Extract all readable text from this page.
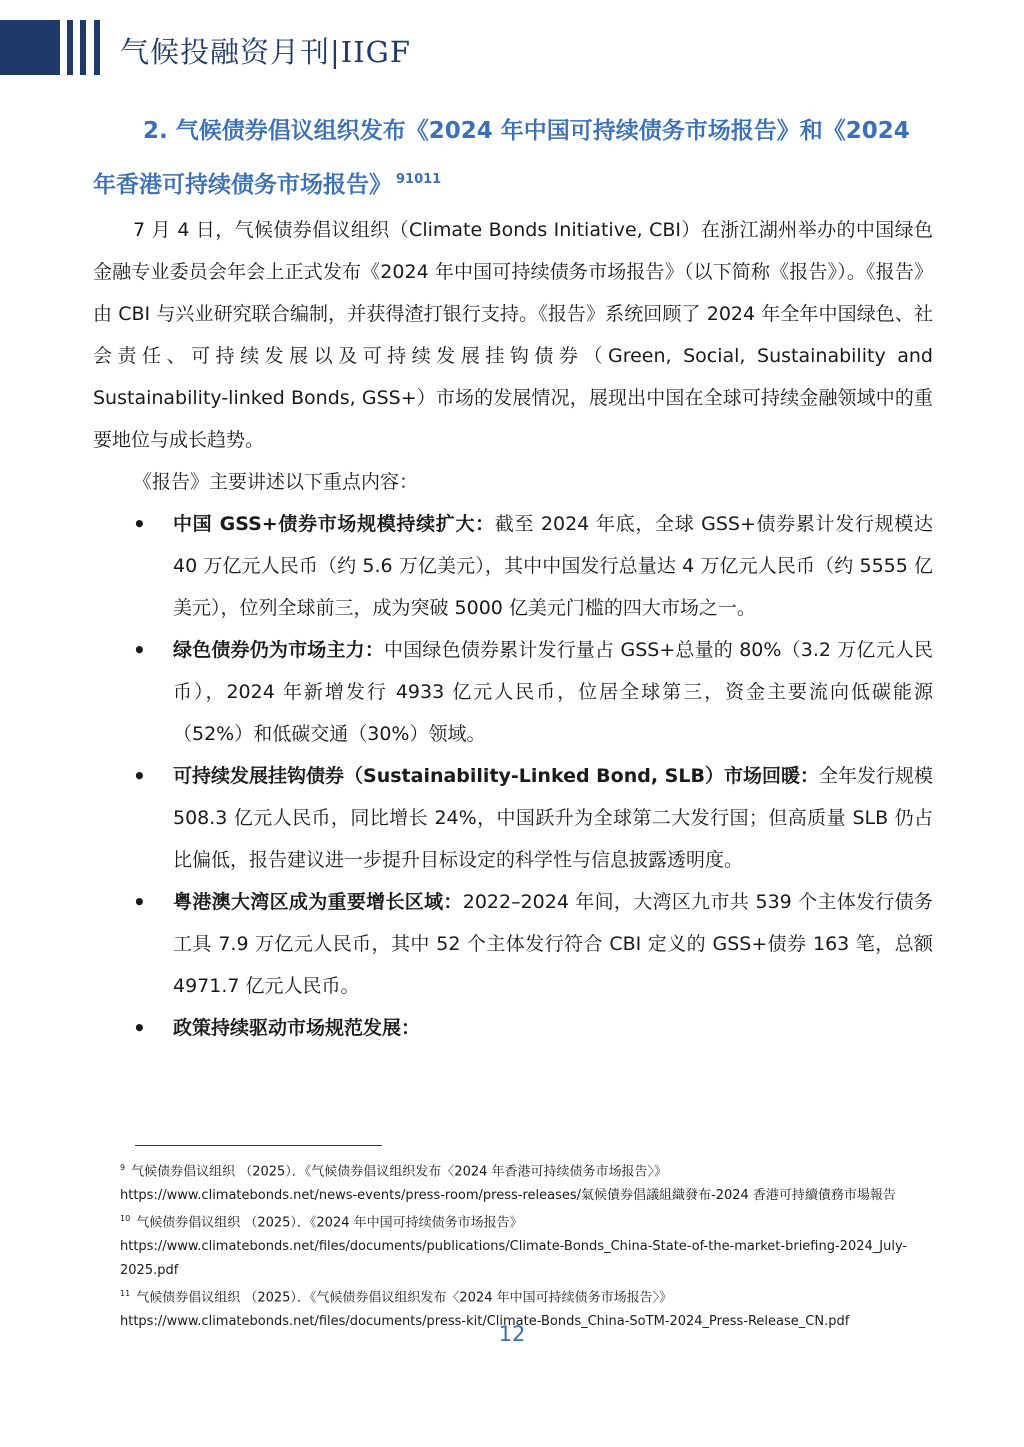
气候投融资月刊|IIGF
2. 气候债券倡议组织发布《2024 年中国可持续债务市场报告》和《2024
年香港可持续债务市场报告》 $^{91011}$

7 月 4 日，气候债券倡议组织（Climate Bonds Initiative, CBI）在浙江湖州举办的中国绿色金融专业委员会年会上正式发布《2024 年中国可持续债务市场报告》（以下简称《报告》）。《报告》由 CBI 与兴业研究联合编制，并获得渣打银行支持。《报告》系统回顾了 2024 年全年中国绿色、社会责任、可持续发展以及可持续发展挂钩债券（Green, Social, Sustainability and Sustainability-linked Bonds, GSS+）市场的发展情况，展现出中国在全球可持续金融领域中的重要地位与成长趋势。

《报告》主要讲述以下重点内容：

• 中国 GSS+债券市场规模持续扩大：截至 2024 年底，全球 GSS+债券累计发行规模达 40 万亿元人民币（约 5.6 万亿美元），其中中国发行总量达 4 万亿元人民币（约 5555 亿美元），位列全球前三，成为突破 5000 亿美元门槛的四大市场之一。
• 绿色债券仍为市场主力：中国绿色债券累计发行量占 GSS+总量的 80%（3.2 万亿元人民币），2024 年新增发行 4933 亿元人民币，位居全球第三，资金主要流向低碳能源（52%）和低碳交通（30%）领域。
• 可持续发展挂钩债券（Sustainability-Linked Bond, SLB）市场回暖：全年发行规模 508.3 亿元人民币，同比增长 24%，中国跃升为全球第二大发行国；但高质量 SLB 仍占比偏低，报告建议进一步提升目标设定的科学性与信息披露透明度。
• 粤港澳大湾区成为重要增长区域：2022–2024 年间，大湾区九市共 539 个主体发行债务工具 7.9 万亿元人民币，其中 52 个主体发行符合 CBI 定义的 GSS+债券 163 笔，总额 4971.7 亿元人民币。
• 政策持续驱动市场规范发展：

$^9$ 气候债券倡议组织 （2025）．《气候债券倡议组织发布〈2024 年香港可持续债务市场报告〉》

https://www.climatebonds.net/news-events/press-room/press-releases/氣候債券倡議組織發布-2024 香港可持續債務市場報告

$^{10}$ 气候债券倡议组织 （2025）．《2024 年中国可持续债务市场报告》

https://www.climatebonds.net/files/documents/publications/Climate-Bonds_China-State-of-the-market-briefing-2024_July-2025.pdf

$^{11}$ 气候债券倡议组织 （2025）．《气候债券倡议组织发布〈2024 年中国可持续债务市场报告〉》

https://www.climatebonds.net/files/documents/press-kit/Climate-Bonds_China-SoTM-2024_Press-Release_CN.pdf

12
